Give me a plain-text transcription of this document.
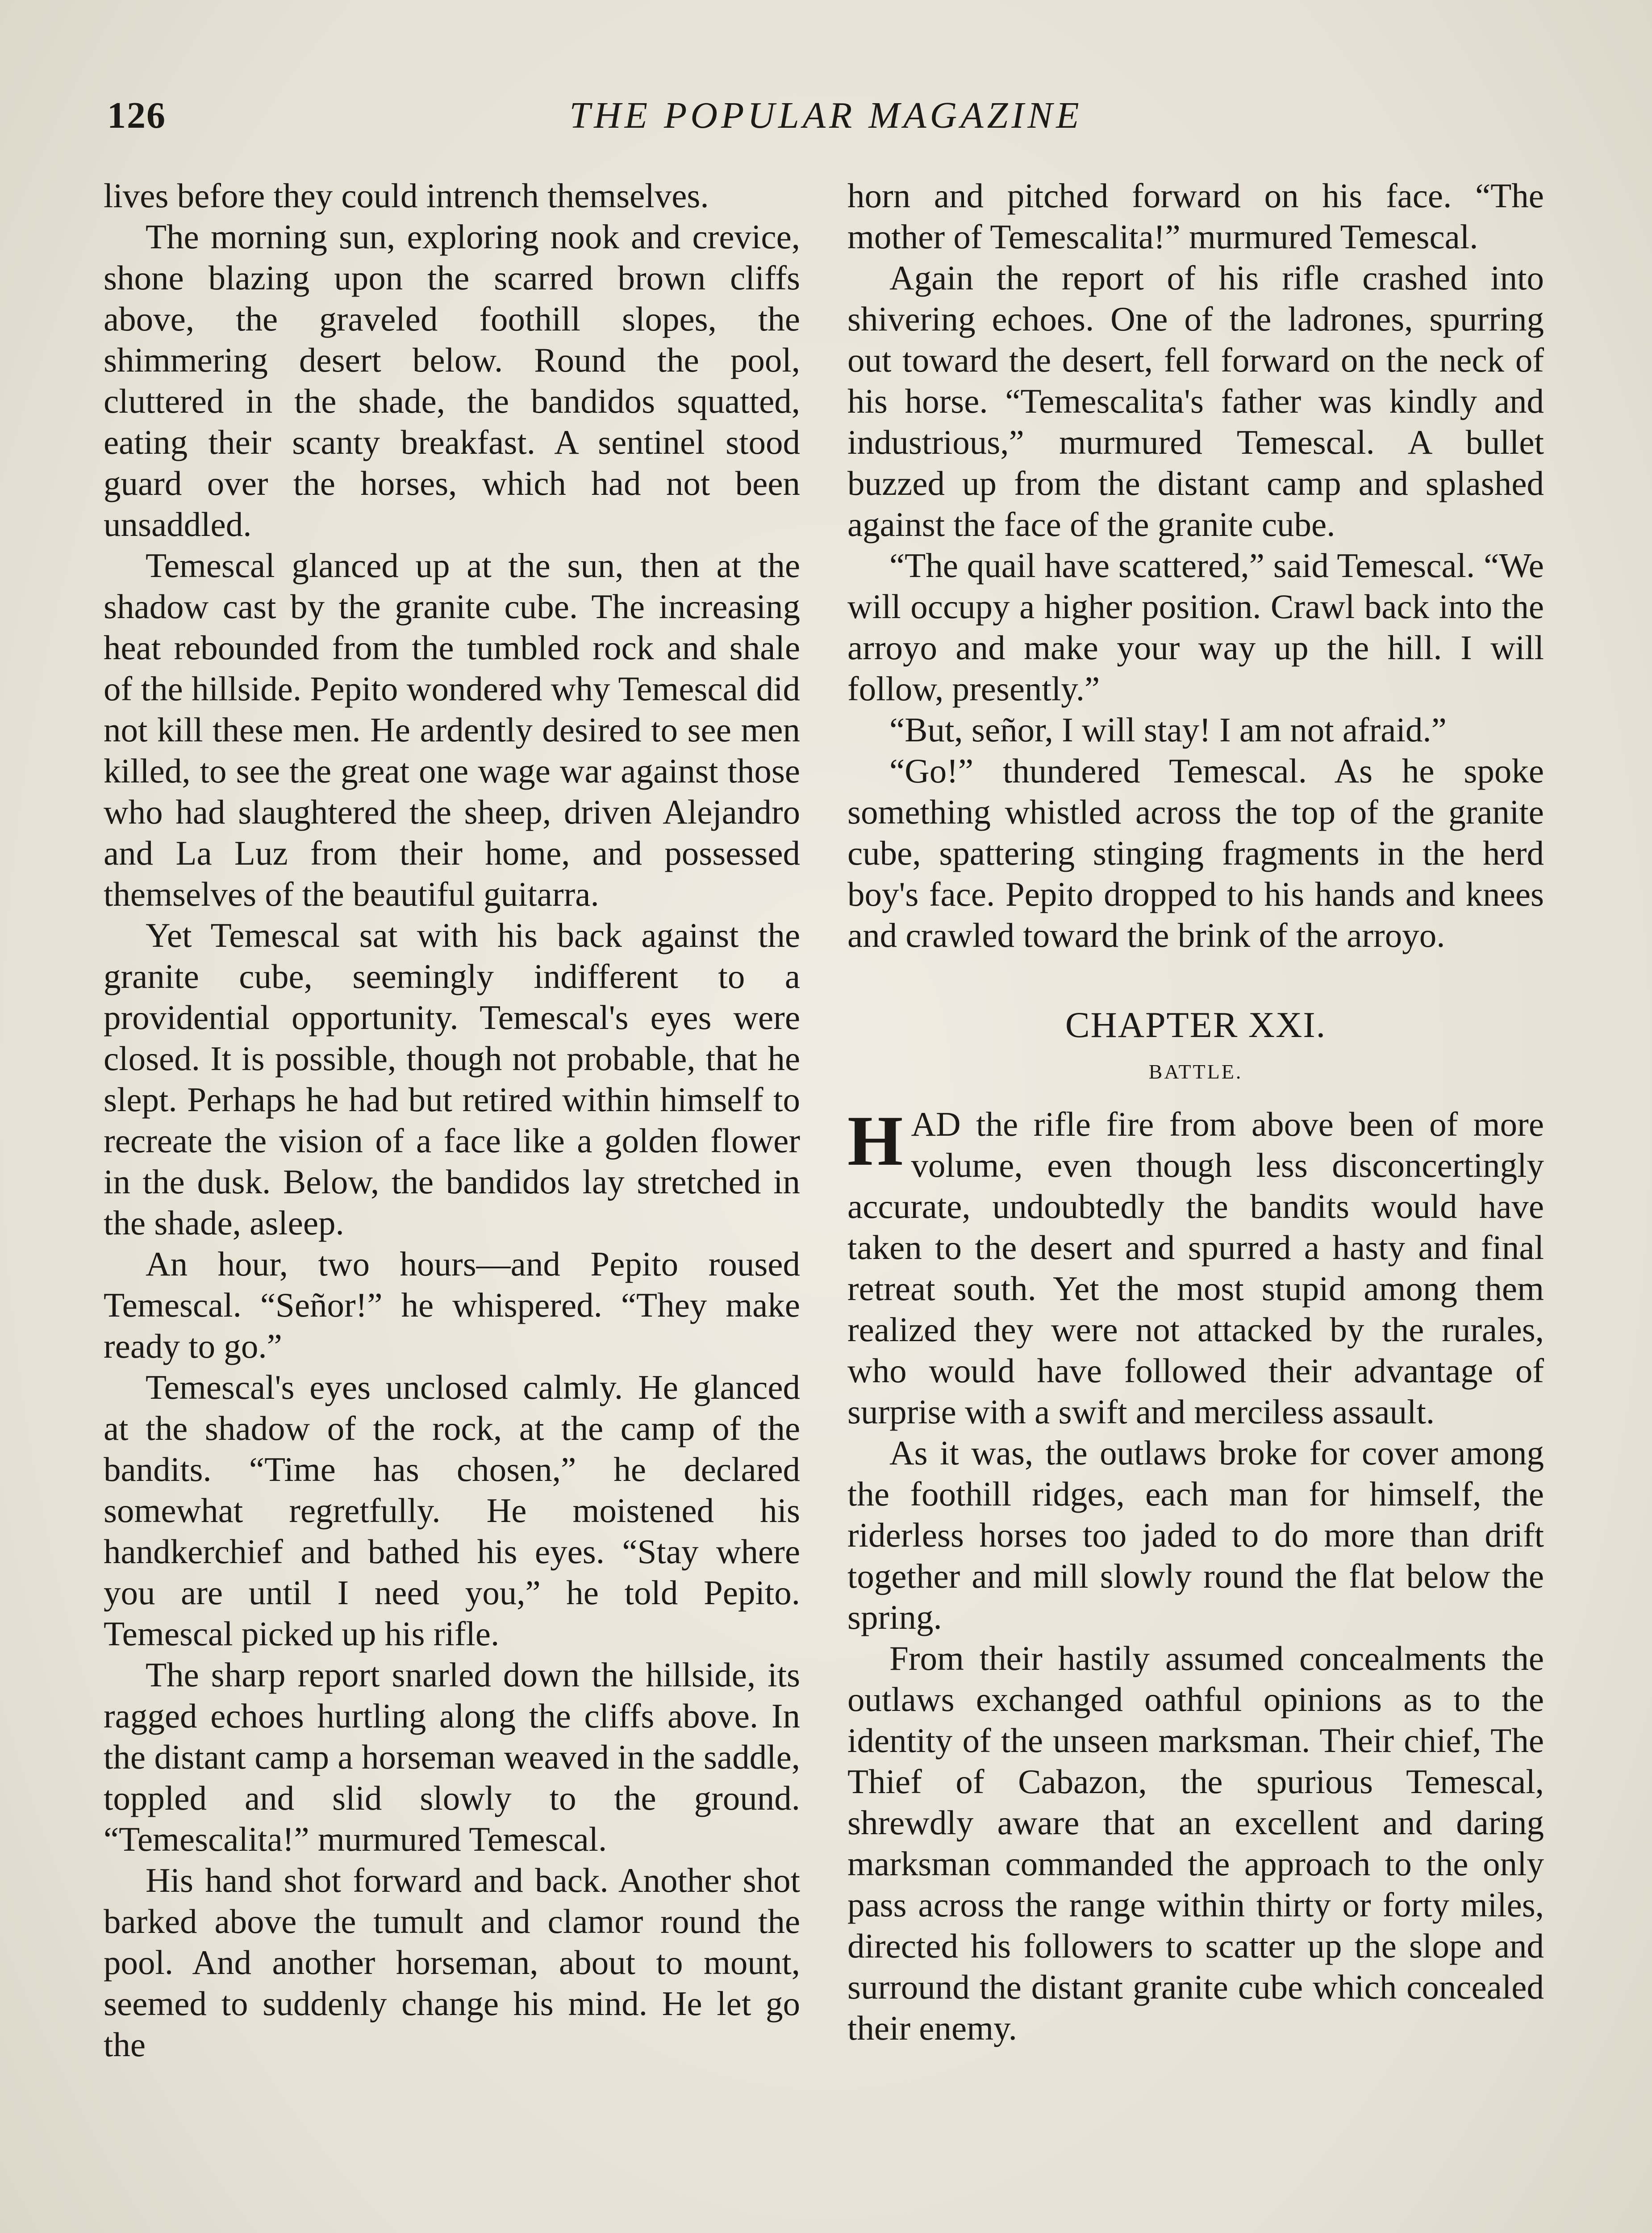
126	THE POPULAR MAGAZINE

lives before they could intrench themselves.

The morning sun, exploring nook and crevice, shone blazing upon the scarred brown cliffs above, the graveled foothill slopes, the shimmering desert below. Round the pool, cluttered in the shade, the bandidos squatted, eating their scanty breakfast. A sentinel stood guard over the horses, which had not been unsaddled.

Temescal glanced up at the sun, then at the shadow cast by the granite cube. The increasing heat rebounded from the tumbled rock and shale of the hillside. Pepito wondered why Temescal did not kill these men. He ardently desired to see men killed, to see the great one wage war against those who had slaughtered the sheep, driven Alejandro and La Luz from their home, and possessed themselves of the beautiful guitarra.

Yet Temescal sat with his back against the granite cube, seemingly indifferent to a providential opportunity. Temescal's eyes were closed. It is possible, though not probable, that he slept. Perhaps he had but retired within himself to recreate the vision of a face like a golden flower in the dusk. Below, the bandidos lay stretched in the shade, asleep.

An hour, two hours—and Pepito roused Temescal. “Señor!” he whispered. “They make ready to go.”

Temescal's eyes unclosed calmly. He glanced at the shadow of the rock, at the camp of the bandits. “Time has chosen,” he declared somewhat regretfully. He moistened his handkerchief and bathed his eyes. “Stay where you are until I need you,” he told Pepito. Temescal picked up his rifle.

The sharp report snarled down the hillside, its ragged echoes hurtling along the cliffs above. In the distant camp a horseman weaved in the saddle, toppled and slid slowly to the ground. “Temescalita!” murmured Temescal.

His hand shot forward and back. Another shot barked above the tumult and clamor round the pool. And another horseman, about to mount, seemed to suddenly change his mind. He let go the

horn and pitched forward on his face. “The mother of Temescalita!” murmured Temescal.

Again the report of his rifle crashed into shivering echoes. One of the ladrones, spurring out toward the desert, fell forward on the neck of his horse. “Temescalita's father was kindly and industrious,” murmured Temescal. A bullet buzzed up from the distant camp and splashed against the face of the granite cube.

“The quail have scattered,” said Temescal. “We will occupy a higher position. Crawl back into the arroyo and make your way up the hill. I will follow, presently.”

“But, señor, I will stay! I am not afraid.”

“Go!” thundered Temescal. As he spoke something whistled across the top of the granite cube, spattering stinging fragments in the herd boy's face. Pepito dropped to his hands and knees and crawled toward the brink of the arroyo.

CHAPTER XXI.
BATTLE.

HAD the rifle fire from above been of more volume, even though less disconcertingly accurate, undoubtedly the bandits would have taken to the desert and spurred a hasty and final retreat south. Yet the most stupid among them realized they were not attacked by the rurales, who would have followed their advantage of surprise with a swift and merciless assault.

As it was, the outlaws broke for cover among the foothill ridges, each man for himself, the riderless horses too jaded to do more than drift together and mill slowly round the flat below the spring.

From their hastily assumed concealments the outlaws exchanged oathful opinions as to the identity of the unseen marksman. Their chief, The Thief of Cabazon, the spurious Temescal, shrewdly aware that an excellent and daring marksman commanded the approach to the only pass across the range within thirty or forty miles, directed his followers to scatter up the slope and surround the distant granite cube which concealed their enemy.
